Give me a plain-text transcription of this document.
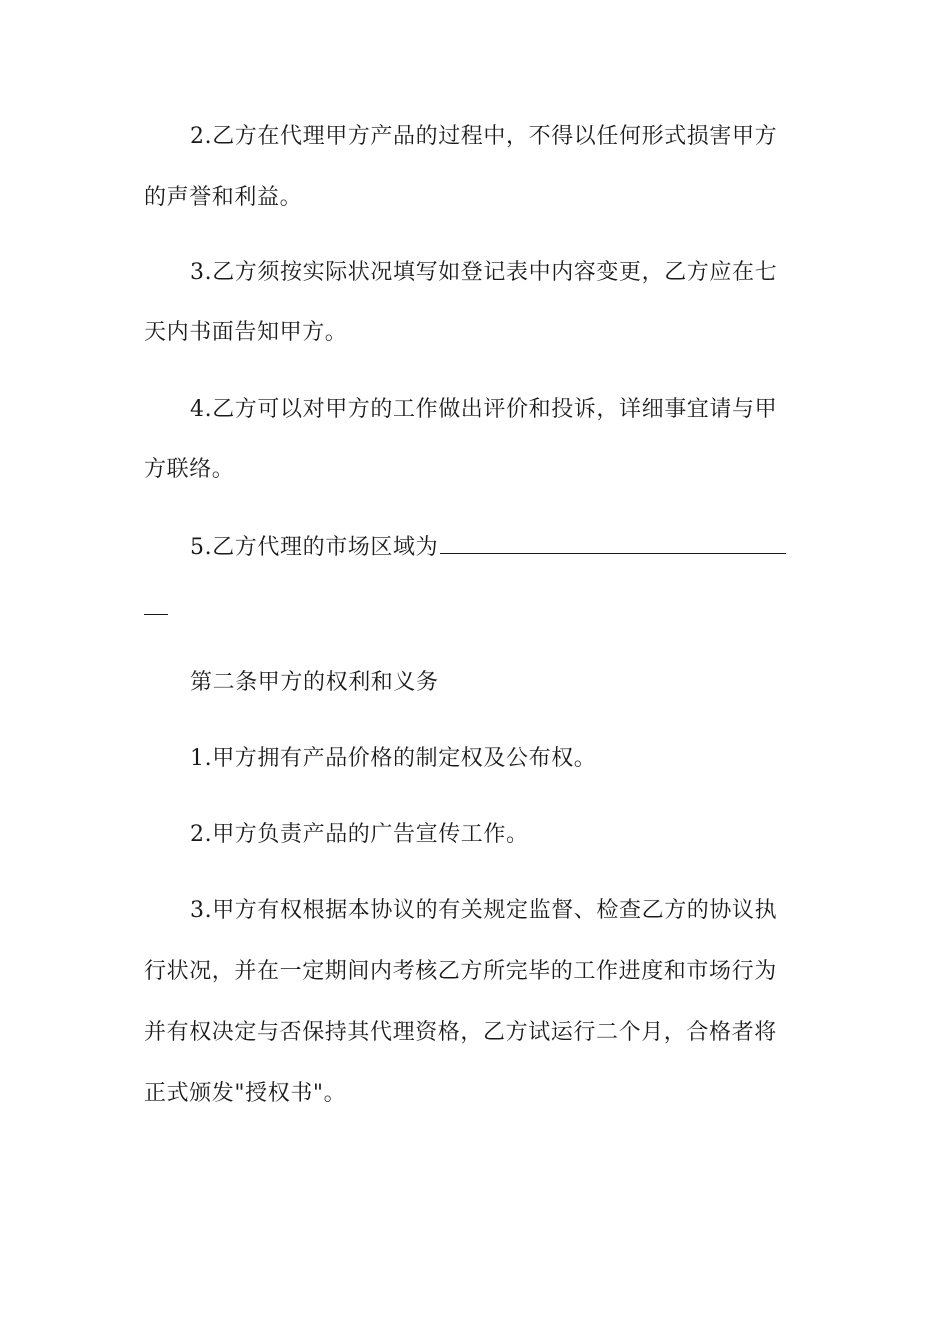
2.乙方在代理甲方产品的过程中，不得以任何形式损害甲方
的声誉和利益。
3.乙方须按实际状况填写如登记表中内容变更，乙方应在七
天内书面告知甲方。
4.乙方可以对甲方的工作做出评价和投诉，详细事宜请与甲
方联络。
5.乙方代理的市场区域为
第二条甲方的权利和义务
1.甲方拥有产品价格的制定权及公布权。
2.甲方负责产品的广告宣传工作。
3.甲方有权根据本协议的有关规定监督、检查乙方的协议执
行状况，并在一定期间内考核乙方所完毕的工作进度和市场行为
并有权决定与否保持其代理资格，乙方试运行二个月，合格者将
正式颁发"授权书"。
